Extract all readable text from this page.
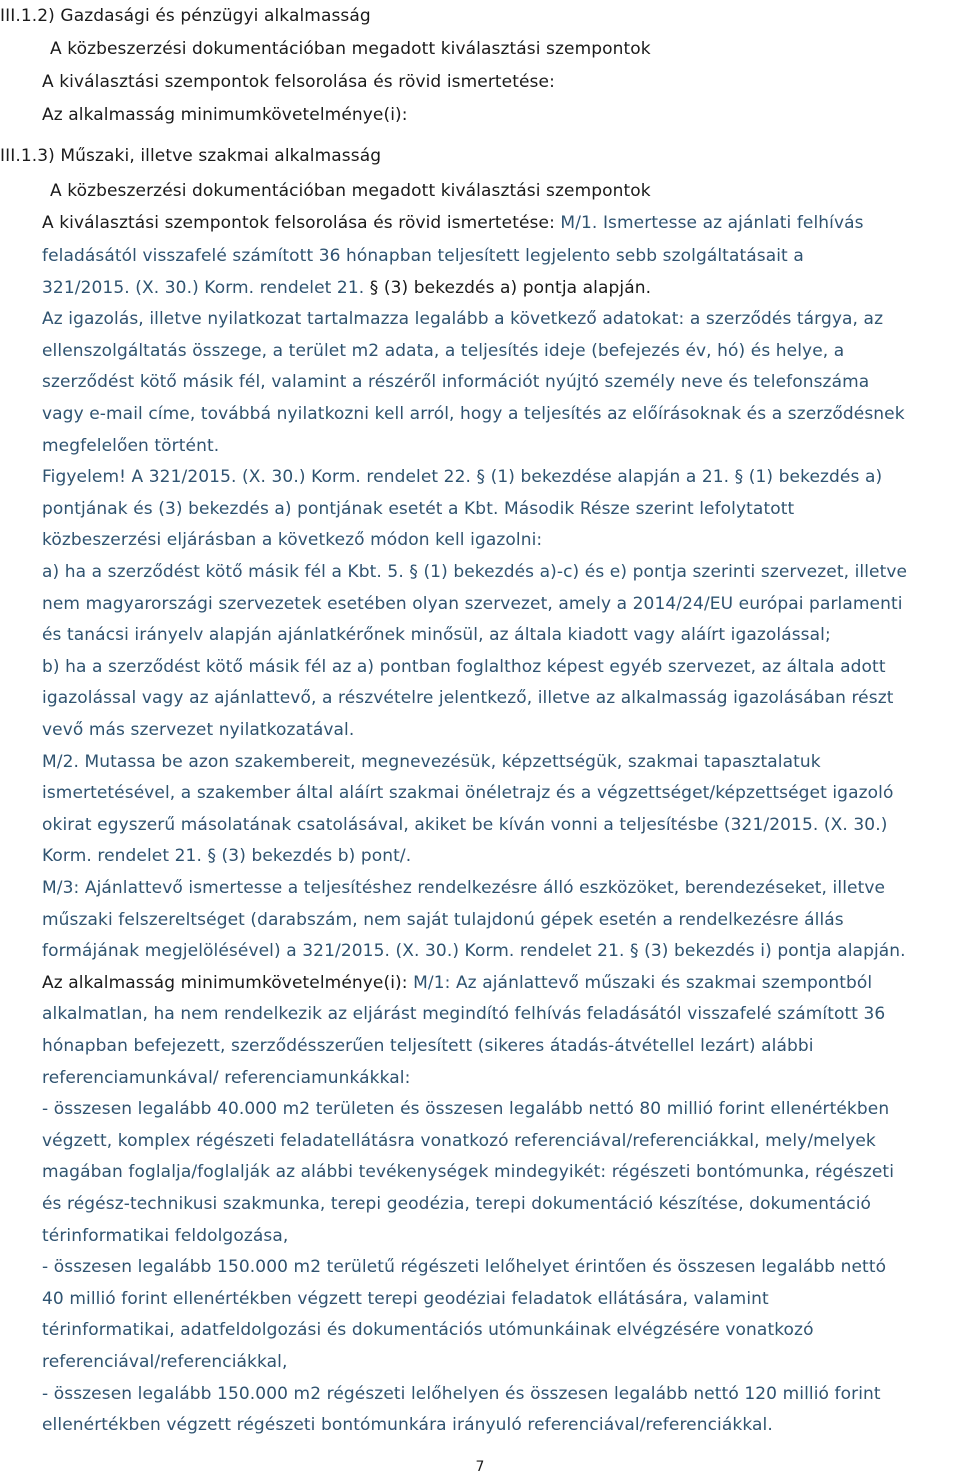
III.1.2) Gazdasági és pénzügyi alkalmasság
A közbeszerzési dokumentációban megadott kiválasztási szempontok
A kiválasztási szempontok felsorolása és rövid ismertetése:
Az alkalmasság minimumkövetelménye(i):
III.1.3) Műszaki, illetve szakmai alkalmasság
A közbeszerzési dokumentációban megadott kiválasztási szempontok
A kiválasztási szempontok felsorolása és rövid ismertetése: M/1. Ismertesse az ajánlati felhívás
feladásától visszafelé számított 36 hónapban teljesített legjelento sebb szolgáltatásait a
321/2015. (X. 30.) Korm. rendelet 21. § (3) bekezdés a) pontja alapján.
Az igazolás, illetve nyilatkozat tartalmazza legalább a következő adatokat: a szerződés tárgya, az
ellenszolgáltatás összege, a terület m2 adata, a teljesítés ideje (befejezés év, hó) és helye, a
szerződést kötő másik fél, valamint a részéről információt nyújtó személy neve és telefonszáma
vagy e-mail címe, továbbá nyilatkozni kell arról, hogy a teljesítés az előírásoknak és a szerződésnek
megfelelően történt.
Figyelem! A 321/2015. (X. 30.) Korm. rendelet 22. § (1) bekezdése alapján a 21. § (1) bekezdés a)
pontjának és (3) bekezdés a) pontjának esetét a Kbt. Második Része szerint lefolytatott
közbeszerzési eljárásban a következő módon kell igazolni:
a) ha a szerződést kötő másik fél a Kbt. 5. § (1) bekezdés a)-c) és e) pontja szerinti szervezet, illetve
nem magyarországi szervezetek esetében olyan szervezet, amely a 2014/24/EU európai parlamenti
és tanácsi irányelv alapján ajánlatkérőnek minősül, az általa kiadott vagy aláírt igazolással;
b) ha a szerződést kötő másik fél az a) pontban foglalthoz képest egyéb szervezet, az általa adott
igazolással vagy az ajánlattevő, a részvételre jelentkező, illetve az alkalmasság igazolásában részt
vevő más szervezet nyilatkozatával.
M/2. Mutassa be azon szakembereit, megnevezésük, képzettségük, szakmai tapasztalatuk
ismertetésével, a szakember által aláírt szakmai önéletrajz és a végzettséget/képzettséget igazoló
okirat egyszerű másolatának csatolásával, akiket be kíván vonni a teljesítésbe (321/2015. (X. 30.)
Korm. rendelet 21. § (3) bekezdés b) pont/.
M/3: Ajánlattevő ismertesse a teljesítéshez rendelkezésre álló eszközöket, berendezéseket, illetve
műszaki felszereltséget (darabszám, nem saját tulajdonú gépek esetén a rendelkezésre állás
formájának megjelölésével) a 321/2015. (X. 30.) Korm. rendelet 21. § (3) bekezdés i) pontja alapján.
Az alkalmasság minimumkövetelménye(i): M/1: Az ajánlattevő műszaki és szakmai szempontból
alkalmatlan, ha nem rendelkezik az eljárást megindító felhívás feladásától visszafelé számított 36
hónapban befejezett, szerződésszerűen teljesített (sikeres átadás-átvétellel lezárt) alábbi
referenciamunkával/ referenciamunkákkal:
- összesen legalább 40.000 m2 területen és összesen legalább nettó 80 millió forint ellenértékben
végzett, komplex régészeti feladatellátásra vonatkozó referenciával/referenciákkal, mely/melyek
magában foglalja/foglalják az alábbi tevékenységek mindegyikét: régészeti bontómunka, régészeti
és régész-technikusi szakmunka, terepi geodézia, terepi dokumentáció készítése, dokumentáció
térinformatikai feldolgozása,
- összesen legalább 150.000 m2 területű régészeti lelőhelyet érintően és összesen legalább nettó
40 millió forint ellenértékben végzett terepi geodéziai feladatok ellátására, valamint
térinformatikai, adatfeldolgozási és dokumentációs utómunkáinak elvégzésére vonatkozó
referenciával/referenciákkal,
- összesen legalább 150.000 m2 régészeti lelőhelyen és összesen legalább nettó 120 millió forint
ellenértékben végzett régészeti bontómunkára irányuló referenciával/referenciákkal.
7
